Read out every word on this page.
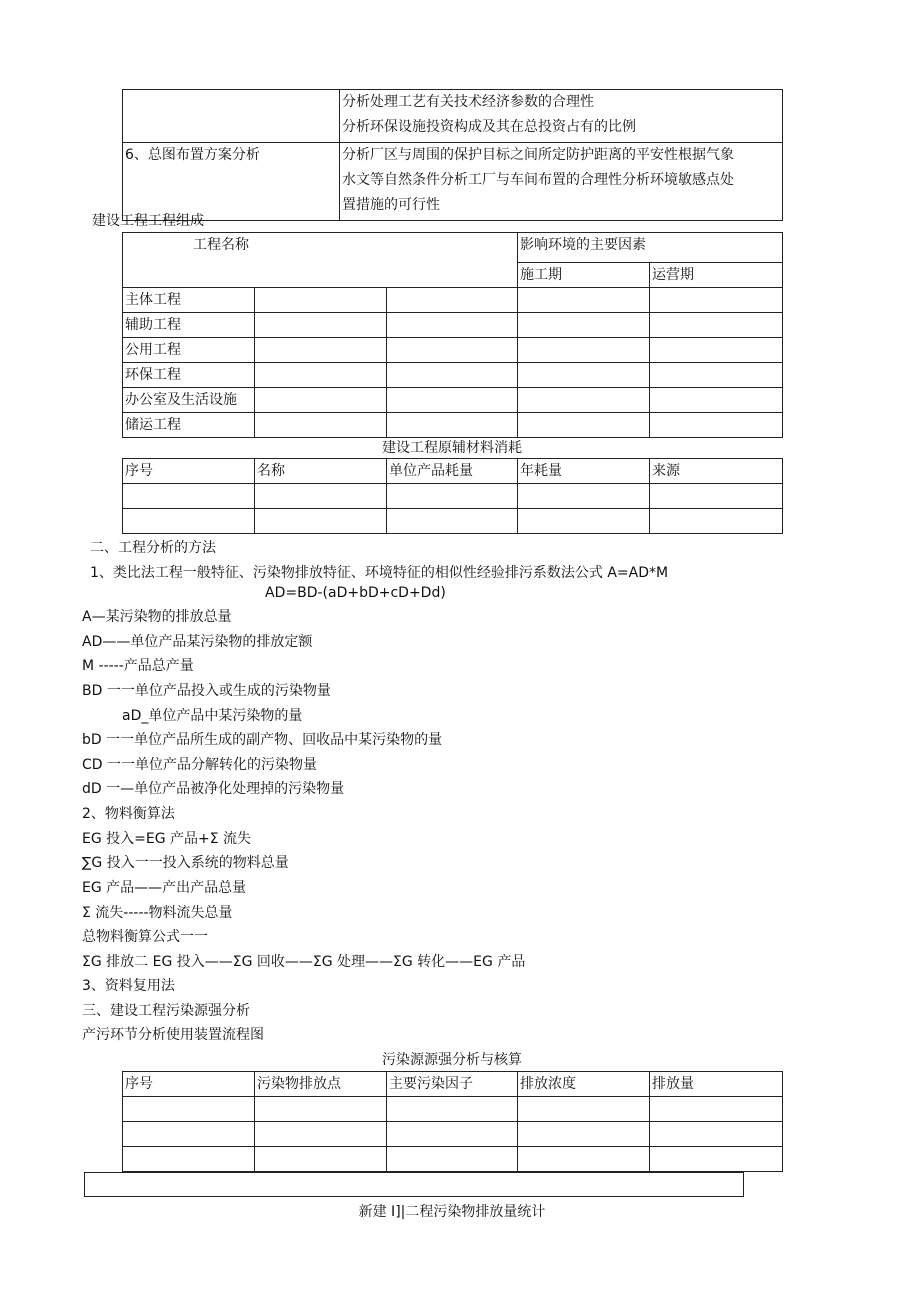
	分析处理工艺有关技术经济参数的合理性
分析环保设施投资构成及其在总投资占有的比例

6、总图布置方案分析	分析厂区与周围的保护目标之间所定防护距离的平安性根据气象
水文等自然条件分析工厂与车间布置的合理性分析环境敏感点处
置措施的可行性
建设工程工程组成
工程名称			影响环境的主要因素	
			施工期	运营期
主体工程				
辅助工程				
公用工程				
环保工程				
办公室及生活设施				
储运工程				
建设工程原辅材料消耗
序号	名称	单位产品耗量	年耗量	来源

二、工程分析的方法
1、类比法工程一般特征、污染物排放特征、环境特征的相似性经验排污系数法公式 A=AD*M
AD=BD-(aD+bD+cD+Dd)
A—某污染物的排放总量
AD——单位产品某污染物的排放定额
M -----产品总产量
BD 一一单位产品投入或生成的污染物量
aD_单位产品中某污染物的量
bD 一一单位产品所生成的副产物、回收品中某污染物的量
CD 一一单位产品分解转化的污染物量
dD 一—单位产品被净化处理掉的污染物量
2、物料衡算法
EG 投入=EG 产品+Σ 流失
∑G 投入一一投入系统的物料总量
EG 产品——产出产品总量
Σ 流失-----物料流失总量
总物料衡算公式一一
ΣG 排放二 EG 投入——ΣG 回收——ΣG 处理——ΣG 转化——EG 产品
3、资料复用法
三、建设工程污染源强分析
产污环节分析使用装置流程图
污染源源强分析与核算
序号	污染物排放点	主要污染因子	排放浓度	排放量

新建 I]|二程污染物排放量统计
